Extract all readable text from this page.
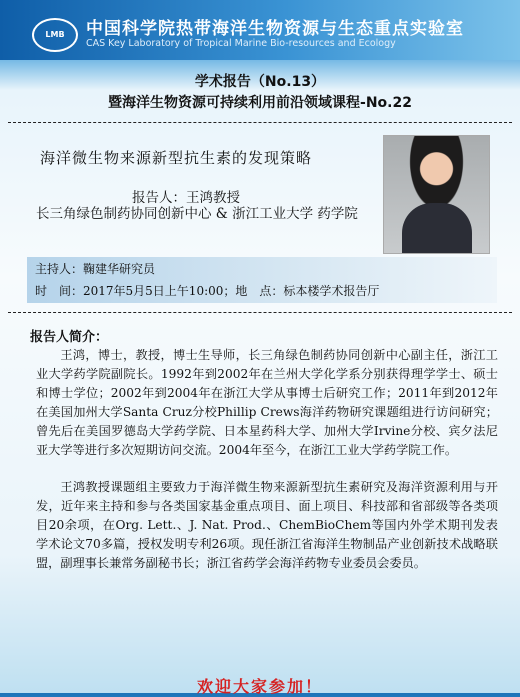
LMB	中国科学院热带海洋生物资源与生态重点实验室
CAS Key Laboratory of Tropical Marine Bio-resources and Ecology
学术报告（No.13）
暨海洋生物资源可持续利用前沿领域课程-No.22
海洋微生物来源新型抗生素的发现策略
报告人：王鸿教授
长三角绿色制药协同创新中心 & 浙江工业大学 药学院
主持人：鞠建华研究员
时　间：2017年5月5日上午10:00；地　点：标本楼学术报告厅
报告人简介：

王鸿，博士，教授，博士生导师，长三角绿色制药协同创新中心副主任，浙江工业大学药学院副院长。1992年到2002年在兰州大学化学系分别获得理学学士、硕士和博士学位；2002年到2004年在浙江大学从事博士后研究工作；2011年到2012年在美国加州大学Santa Cruz分校Phillip Crews海洋药物研究课题组进行访问研究；曾先后在美国罗德岛大学药学院、日本星药科大学、加州大学Irvine分校、宾夕法尼亚大学等进行多次短期访问交流。2004年至今，在浙江工业大学药学院工作。

王鸿教授课题组主要致力于海洋微生物来源新型抗生素研究及海洋资源利用与开发，近年来主持和参与各类国家基金重点项目、面上项目、科技部和省部级等各类项目20余项，在Org. Lett.、J. Nat. Prod.、ChemBioChem等国内外学术期刊发表学术论文70多篇，授权发明专利26项。现任浙江省海洋生物制品产业创新技术战略联盟，副理事长兼常务副秘书长；浙江省药学会海洋药物专业委员会委员。

欢迎大家参加！
